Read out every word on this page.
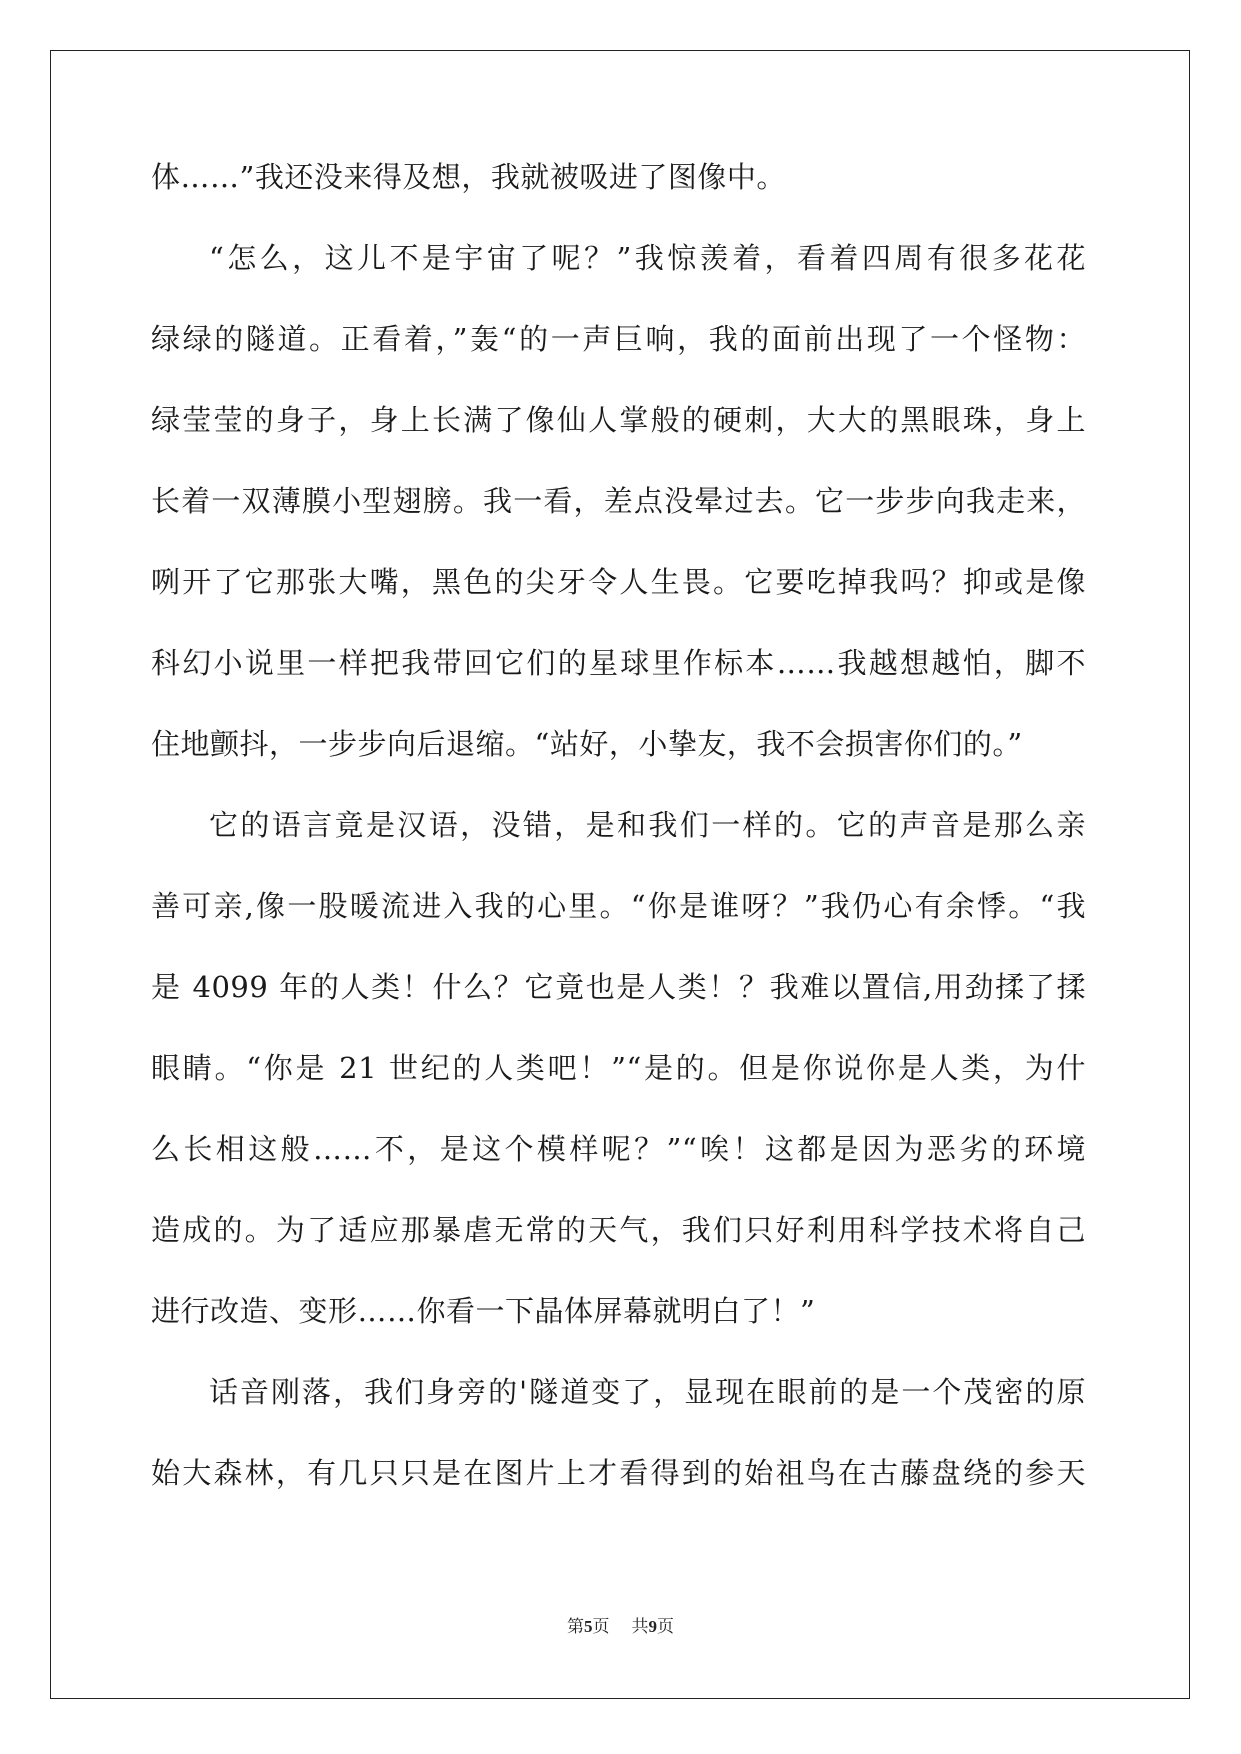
体……”我还没来得及想，我就被吸进了图像中。
“怎么，这儿不是宇宙了呢？”我惊羡着，看着四周有很多花花
绿绿的隧道。正看着，”轰“的一声巨响，我的面前出现了一个怪物：
绿莹莹的身子，身上长满了像仙人掌般的硬刺，大大的黑眼珠，身上
长着一双薄膜小型翅膀。我一看，差点没晕过去。它一步步向我走来，
咧开了它那张大嘴，黑色的尖牙令人生畏。它要吃掉我吗？抑或是像
科幻小说里一样把我带回它们的星球里作标本……我越想越怕，脚不
住地颤抖，一步步向后退缩。“站好，小挚友，我不会损害你们的。”
它的语言竟是汉语，没错，是和我们一样的。它的声音是那么亲
善可亲,像一股暖流进入我的心里。“你是谁呀？”我仍心有余悸。“我
是 4099 年的人类！什么？它竟也是人类！？我难以置信,用劲揉了揉
眼睛。“你是 21 世纪的人类吧！”“是的。但是你说你是人类，为什
么长相这般……不，是这个模样呢？”“唉！这都是因为恶劣的环境
造成的。为了适应那暴虐无常的天气，我们只好利用科学技术将自己
进行改造、变形……你看一下晶体屏幕就明白了！”
话音刚落，我们身旁的'隧道变了，显现在眼前的是一个茂密的原
始大森林，有几只只是在图片上才看得到的始祖鸟在古藤盘绕的参天
第5页 共9页
